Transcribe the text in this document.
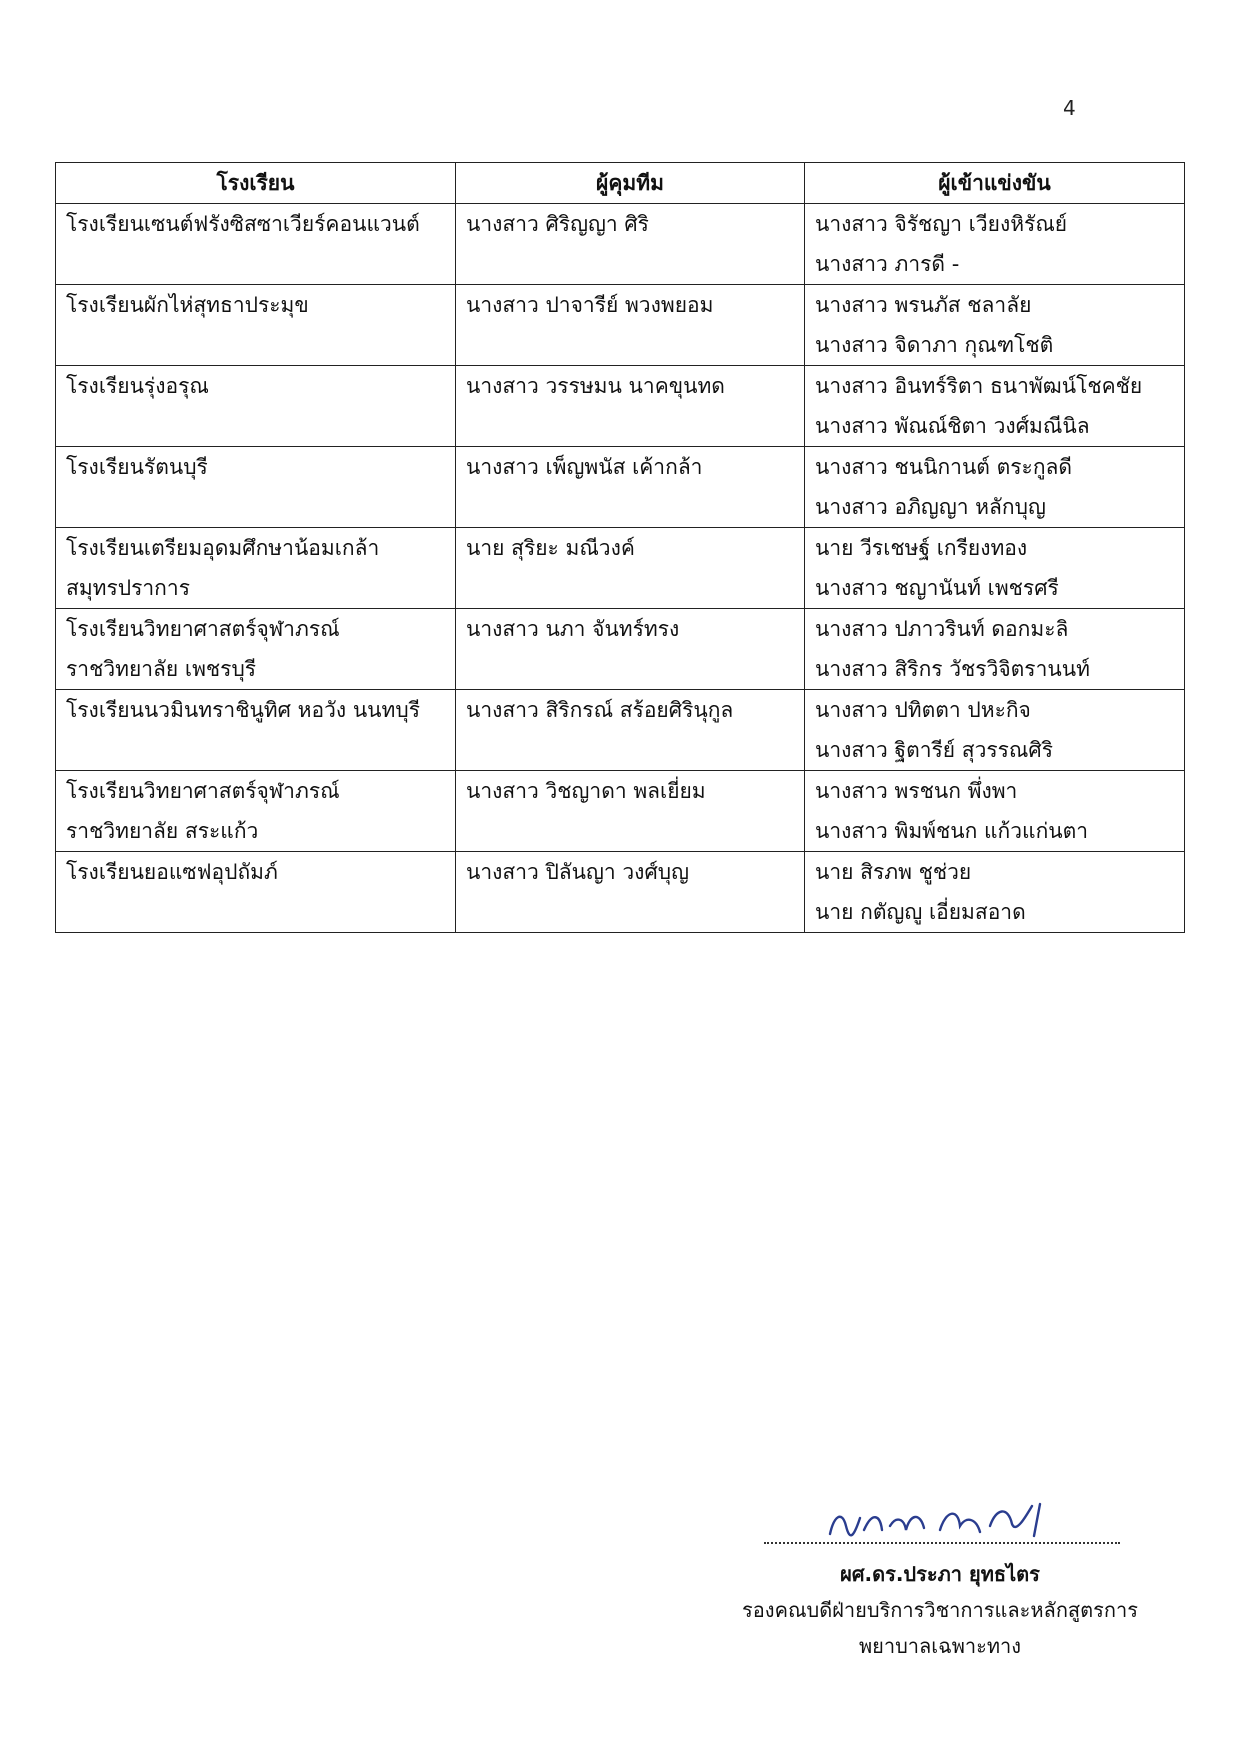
4
โรงเรียน	ผู้คุมทีม	ผู้เข้าแข่งขัน

โรงเรียนเซนต์ฟรังซิสซาเวียร์คอนแวนต์	นางสาว ศิริญญา ศิริ	นางสาว จิรัชญา เวียงหิรัณย์
นางสาว ภารดี -

โรงเรียนผักไห่สุทธาประมุข	นางสาว ปาจารีย์ พวงพยอม	นางสาว พรนภัส ชลาลัย
นางสาว จิดาภา กุณฑโชติ

โรงเรียนรุ่งอรุณ	นางสาว วรรษมน นาคขุนทด	นางสาว อินทร์ริตา ธนาพัฒน์โชคชัย
นางสาว พัณณ์ชิตา วงศ์มณีนิล

โรงเรียนรัตนบุรี	นางสาว เพ็ญพนัส เค้ากล้า	นางสาว ชนนิกานต์ ตระกูลดี
นางสาว อภิญญา หลักบุญ

โรงเรียนเตรียมอุดมศึกษาน้อมเกล้า
สมุทรปราการ	นาย สุริยะ มณีวงค์	นาย วีรเชษฐ์ เกรียงทอง
นางสาว ชญานันท์ เพชรศรี

โรงเรียนวิทยาศาสตร์จุฬาภรณ์
ราชวิทยาลัย เพชรบุรี	นางสาว นภา จันทร์ทรง	นางสาว ปภาวรินท์ ดอกมะลิ
นางสาว สิริกร วัชรวิจิตรานนท์

โรงเรียนนวมินทราชินูทิศ หอวัง นนทบุรี	นางสาว สิริกรณ์ สร้อยศิรินุกูล	นางสาว ปทิตตา ปหะกิจ
นางสาว ฐิตารีย์ สุวรรณศิริ

โรงเรียนวิทยาศาสตร์จุฬาภรณ์
ราชวิทยาลัย สระแก้ว	นางสาว วิชญาดา พลเยี่ยม	นางสาว พรชนก พึ่งพา
นางสาว พิมพ์ชนก แก้วแก่นตา

โรงเรียนยอแซฟอุปถัมภ์	นางสาว ปิลันญา วงศ์บุญ	นาย สิรภพ ชูช่วย
นาย กตัญญู เอี่ยมสอาด
ผศ.ดร.ประภา ยุทธไตร
รองคณบดีฝ่ายบริการวิชาการและหลักสูตรการ
พยาบาลเฉพาะทาง
